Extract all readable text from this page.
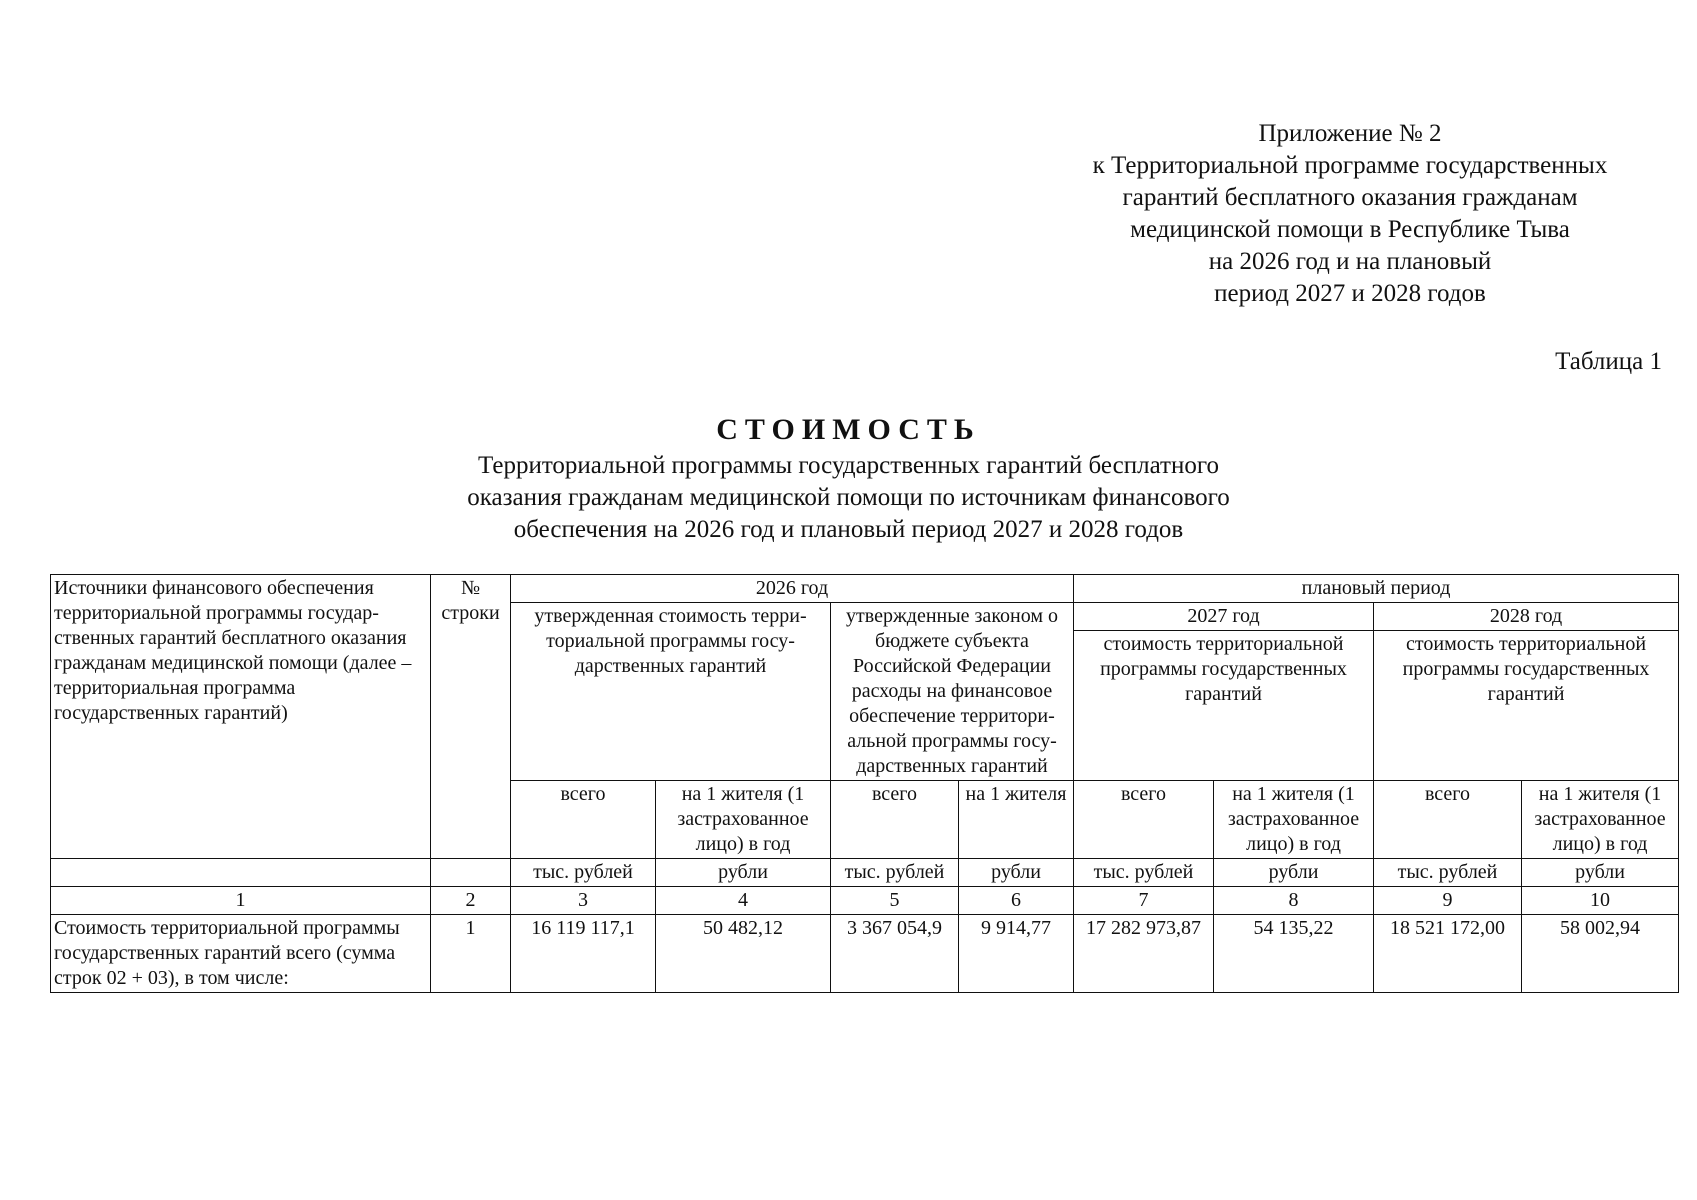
Приложение № 2
к Территориальной программе государственных
гарантий бесплатного оказания гражданам
медицинской помощи в Республике Тыва
на 2026 год и на плановый
период 2027 и 2028 годов
Таблица 1
СТОИМОСТЬ
Территориальной программы государственных гарантий бесплатного
оказания гражданам медицинской помощи по источникам финансового
обеспечения на 2026 год и плановый период 2027 и 2028 годов
Источники финансового обеспечения территориальной программы государственных гарантий бесплатного оказания гражданам медицинской помощи (далее – территориальная программа государственных гарантий)	№ строки	2026 год				плановый период			
		утвержденная стоимость территориальной программы государственных гарантий		утвержденные законом о бюджете субъекта Российской Федерации расходы на финансовое обеспечение территориальной программы государственных гарантий		2027 год		2028 год	
						стоимость территориальной программы государственных гарантий		стоимость территориальной программы государственных гарантий	
		всего	на 1 жителя (1 застрахованное лицо) в год	всего	на 1 жителя	всего	на 1 жителя (1 застрахованное лицо) в год	всего	на 1 жителя (1 застрахованное лицо) в год
		тыс. рублей	рубли	тыс. рублей	рубли	тыс. рублей	рубли	тыс. рублей	рубли
1	2	3	4	5	6	7	8	9	10
Стоимость территориальной программы государственных гарантий всего (сумма строк 02 + 03), в том числе:	1	16 119 117,1	50 482,12	3 367 054,9	9 914,77	17 282 973,87	54 135,22	18 521 172,00	58 002,94
